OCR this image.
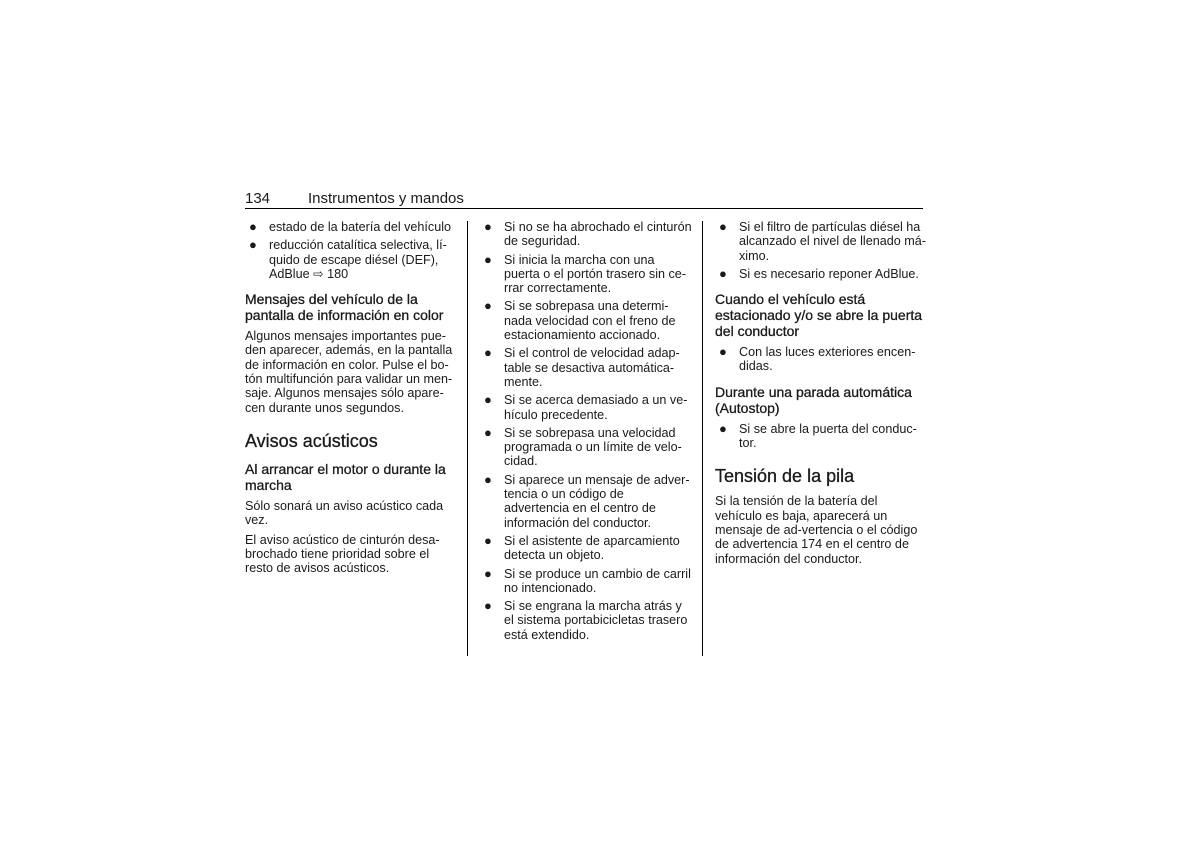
134	Instrumentos y mandos
● estado de la batería del vehículo
● reducción catalítica selectiva, lí-quido de escape diésel (DEF), AdBlue ⇨ 180
Mensajes del vehículo de la pantalla de información en color

Algunos mensajes importantes pue-den aparecer, además, en la pantalla de información en color. Pulse el bo-tón multifunción para validar un men-saje. Algunos mensajes sólo apare-cen durante unos segundos.

Avisos acústicos
Al arrancar el motor o durante la marcha

Sólo sonará un aviso acústico cada vez.

El aviso acústico de cinturón desa-brochado tiene prioridad sobre el resto de avisos acústicos.

● Si no se ha abrochado el cinturón de seguridad.
● Si inicia la marcha con una puerta o el portón trasero sin ce-rrar correctamente.
● Si se sobrepasa una determi-nada velocidad con el freno de estacionamiento accionado.
● Si el control de velocidad adap-table se desactiva automática-mente.
● Si se acerca demasiado a un ve-hículo precedente.
● Si se sobrepasa una velocidad programada o un límite de velo-cidad.
● Si aparece un mensaje de adver-tencia o un código de advertencia en el centro de información del conductor.
● Si el asistente de aparcamiento detecta un objeto.
● Si se produce un cambio de carril no intencionado.
● Si se engrana la marcha atrás y el sistema portabicicletas trasero está extendido.
● Si el filtro de partículas diésel ha alcanzado el nivel de llenado má-ximo.
● Si es necesario reponer AdBlue.
Cuando el vehículo está estacionado y/o se abre la puerta del conductor
● Con las luces exteriores encen-didas.
Durante una parada automática (Autostop)
● Si se abre la puerta del conduc-tor.
Tensión de la pila

Si la tensión de la batería del vehículo es baja, aparecerá un mensaje de ad-vertencia o el código de advertencia 174 en el centro de información del conductor.
